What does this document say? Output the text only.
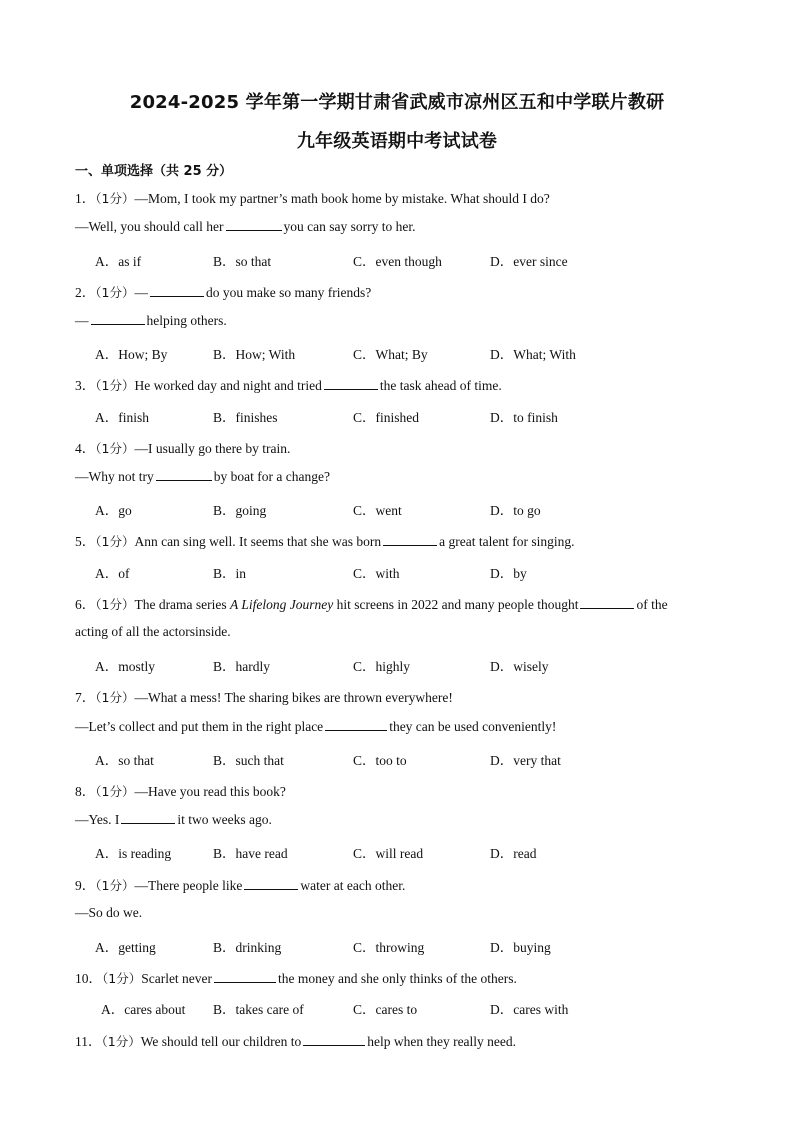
2024-2025 学年第一学期甘肃省武威市凉州区五和中学联片教研
九年级英语期中考试试卷
一、单项选择（共 25 分）
1．（1分）—Mom, I took my partner’s math book home by mistake. What should I do?
—Well, you should call her	you can say sorry to her.
A．as if	B．so that	C．even though	D．ever since
2．（1分）—	do you make so many friends?
—	helping others.
A．How; By	B．How; With	C．What; By	D．What; With
3．（1分）He worked day and night and tried	the task ahead of time.
A．finish	B．finishes	C．finished	D．to finish
4．（1分）—I usually go there by train.
—Why not try	by boat for a change?
A．go	B．going	C．went	D．to go
5．（1分）Ann can sing well. It seems that she was born	a great talent for singing.
A．of	B．in	C．with	D．by
6．（1分）The drama series A Lifelong Journey hit screens in 2022 and many people thought	of the
acting of all the actorsinside.
A．mostly	B．hardly	C．highly	D．wisely
7．（1分）—What a mess! The sharing bikes are thrown everywhere!
—Let’s collect and put them in the right place	they can be used conveniently!
A．so that	B．such that	C．too to	D．very that
8．（1分）—Have you read this book?
—Yes. I	it two weeks ago.
A．is reading	B．have read	C．will read	D．read
9．（1分）—There people like	water at each other.
—So do we.
A．getting	B．drinking	C．throwing	D．buying
10．（1分）Scarlet never	the money and she only thinks of the others.
A．cares about B．takes care of	C．cares to	D．cares with
11．（1分）We should tell our children to	help when they really need.
